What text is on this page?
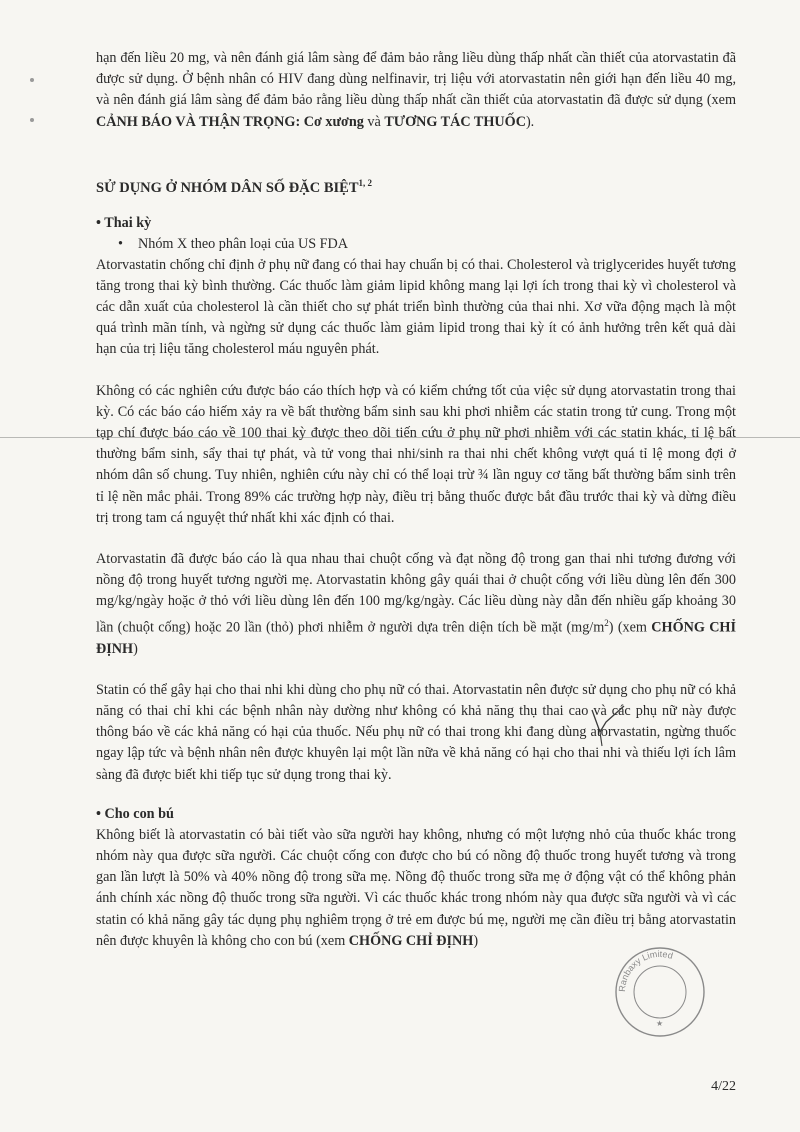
hạn đến liều 20 mg, và nên đánh giá lâm sàng để đảm bảo rằng liều dùng thấp nhất cần thiết của atorvastatin đã được sử dụng. Ở bệnh nhân có HIV đang dùng nelfinavir, trị liệu với atorvastatin nên giới hạn đến liều 40 mg, và nên đánh giá lâm sàng để đảm bảo rằng liều dùng thấp nhất cần thiết của atorvastatin đã được sử dụng (xem CẢNH BÁO VÀ THẬN TRỌNG: Cơ xương và TƯƠNG TÁC THUỐC).

SỬ DỤNG Ở NHÓM DÂN SỐ ĐẶC BIỆT$^{1, 2}$
• Thai kỳ
• Nhóm X theo phân loại của US FDA

Atorvastatin chống chỉ định ở phụ nữ đang có thai hay chuẩn bị có thai. Cholesterol và triglycerides huyết tương tăng trong thai kỳ bình thường. Các thuốc làm giảm lipid không mang lại lợi ích trong thai kỳ vì cholesterol và các dẫn xuất của cholesterol là cần thiết cho sự phát triển bình thường của thai nhi. Xơ vữa động mạch là một quá trình mãn tính, và ngừng sử dụng các thuốc làm giảm lipid trong thai kỳ ít có ảnh hưởng trên kết quả dài hạn của trị liệu tăng cholesterol máu nguyên phát.

Không có các nghiên cứu được báo cáo thích hợp và có kiểm chứng tốt của việc sử dụng atorvastatin trong thai kỳ. Có các báo cáo hiếm xảy ra về bất thường bẩm sinh sau khi phơi nhiễm các statin trong tử cung. Trong một tạp chí được báo cáo về 100 thai kỳ được theo dõi tiến cứu ở phụ nữ phơi nhiễm với các statin khác, tỉ lệ bất thường bẩm sinh, sẩy thai tự phát, và tử vong thai nhi/sinh ra thai nhi chết không vượt quá tỉ lệ mong đợi ở nhóm dân số chung. Tuy nhiên, nghiên cứu này chỉ có thể loại trừ ¾ lần nguy cơ tăng bất thường bẩm sinh trên tỉ lệ nền mắc phải. Trong 89% các trường hợp này, điều trị bằng thuốc được bắt đầu trước thai kỳ và dừng điều trị trong tam cá nguyệt thứ nhất khi xác định có thai.

Atorvastatin đã được báo cáo là qua nhau thai chuột cống và đạt nồng độ trong gan thai nhi tương đương với nồng độ trong huyết tương người mẹ. Atorvastatin không gây quái thai ở chuột cống với liều dùng lên đến 300 mg/kg/ngày hoặc ở thỏ với liều dùng lên đến 100 mg/kg/ngày. Các liều dùng này dẫn đến nhiều gấp khoảng 30 lần (chuột cống) hoặc 20 lần (thỏ) phơi nhiễm ở người dựa trên diện tích bề mặt $(mg/m^2)$ (xem CHỐNG CHỈ ĐỊNH)

Statin có thể gây hại cho thai nhi khi dùng cho phụ nữ có thai. Atorvastatin nên được sử dụng cho phụ nữ có khả năng có thai chỉ khi các bệnh nhân này dường như không có khả năng thụ thai cao và các phụ nữ này được thông báo về các khả năng có hại của thuốc. Nếu phụ nữ có thai trong khi đang dùng atorvastatin, ngừng thuốc ngay lập tức và bệnh nhân nên được khuyên lại một lần nữa về khả năng có hại cho thai nhi và thiếu lợi ích lâm sàng đã được biết khi tiếp tục sử dụng trong thai kỳ.

• Cho con bú

Không biết là atorvastatin có bài tiết vào sữa người hay không, nhưng có một lượng nhỏ của thuốc khác trong nhóm này qua được sữa người. Các chuột cống con được cho bú có nồng độ thuốc trong huyết tương và trong gan lần lượt là 50% và 40% nồng độ trong sữa mẹ. Nồng độ thuốc trong sữa mẹ ở động vật có thể không phản ánh chính xác nồng độ thuốc trong sữa người. Vì các thuốc khác trong nhóm này qua được sữa người và vì các statin có khả năng gây tác dụng phụ nghiêm trọng ở trẻ em được bú mẹ, người mẹ cần điều trị bằng atorvastatin nên được khuyên là không cho con bú (xem CHỐNG CHỈ ĐỊNH)

Ranbaxy Limited
★
4/22
